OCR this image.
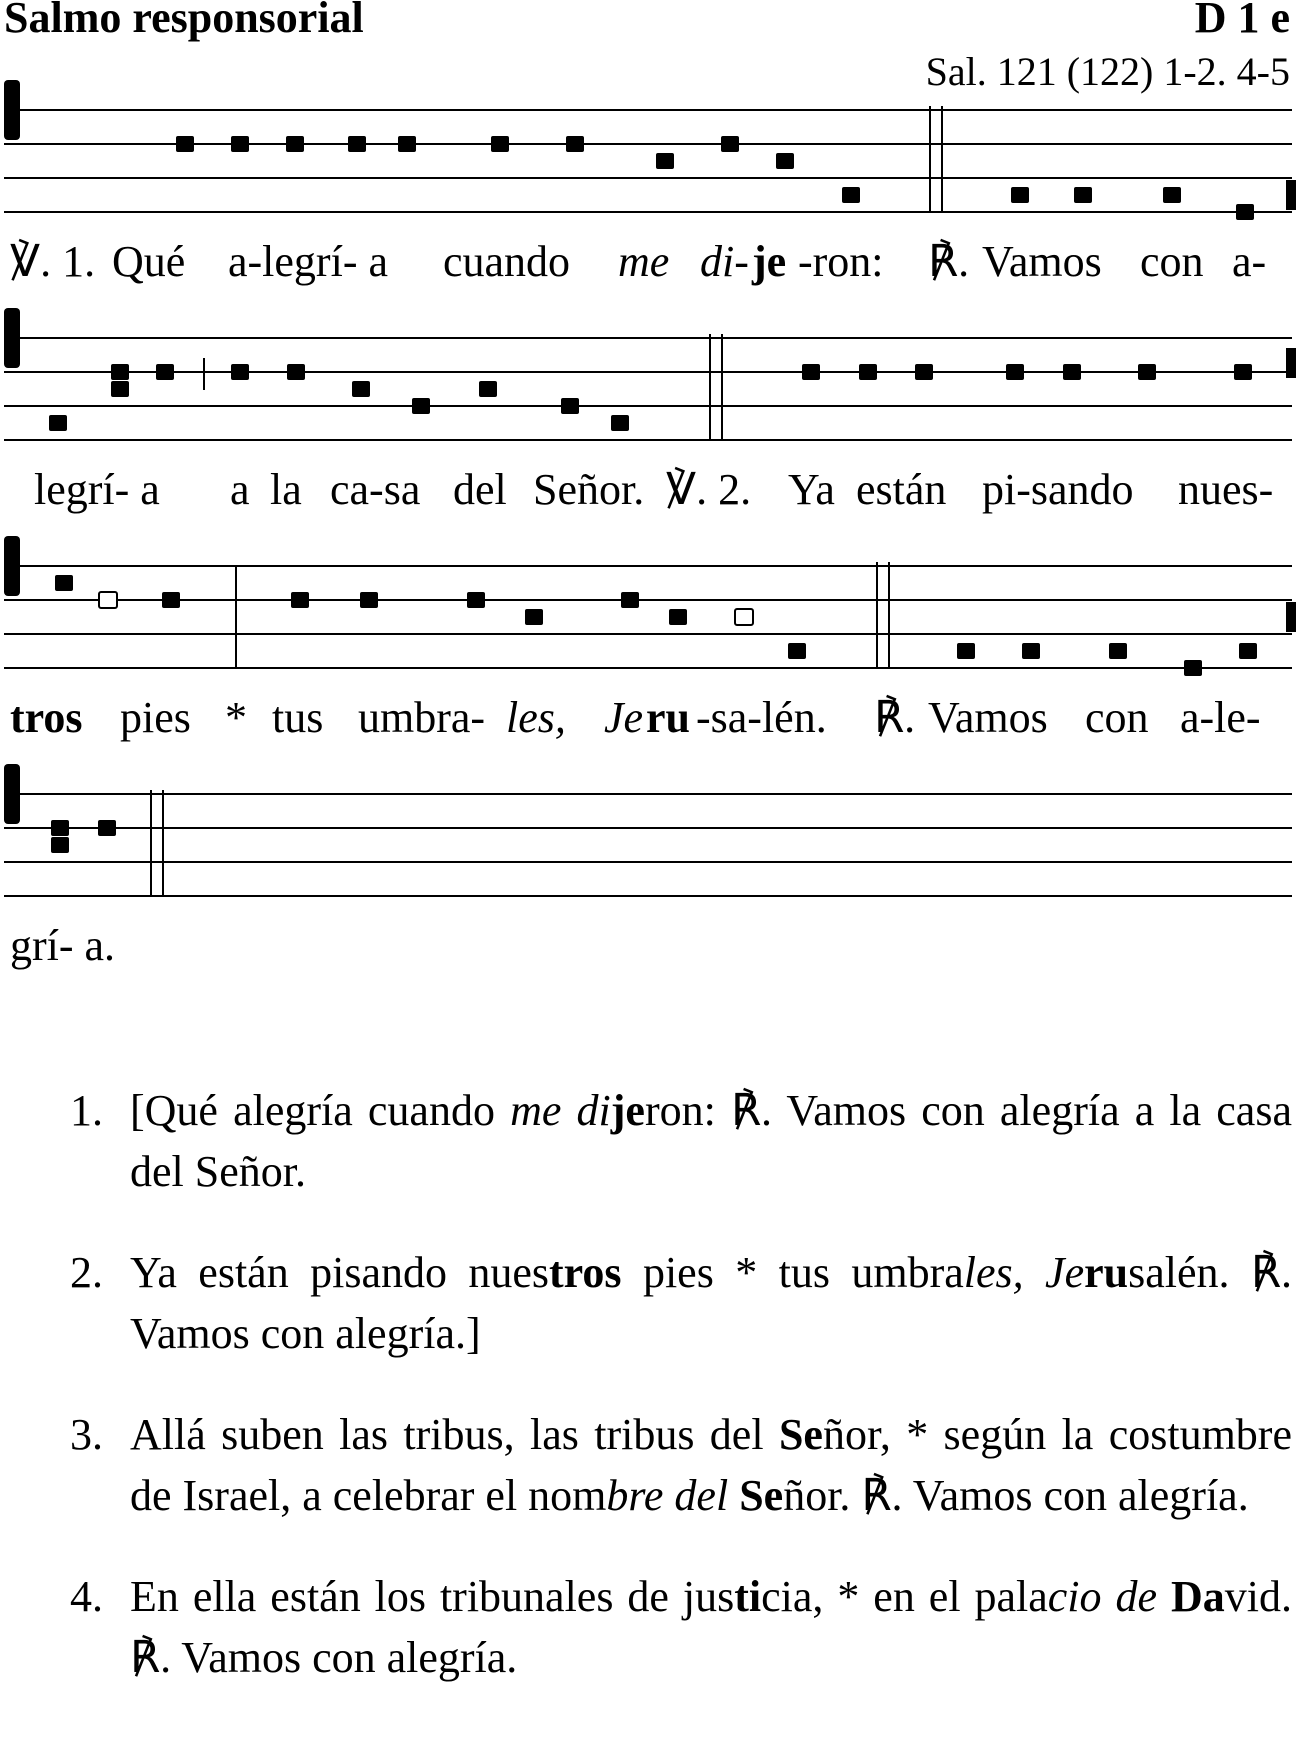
Salmo responsorial	D 1 e
Sal. 121 (122) 1-2. 4-5
℣. 1. Qué a-legrí- a cuando me di- je -ron: ℟. Vamos con a-
legrí- a a la ca-sa del Señor. ℣. 2. Ya están pi-sando nues-
tros pies * tus umbra- les, Je ru -sa-lén. ℟. Vamos con a-le-
grí- a.
1. [Qué alegría cuando me dijeron: ℟. Vamos con alegría a la casa del Señor.
2. Ya están pisando nuestros pies * tus umbrales, Jerusalén. ℟. Vamos con alegría.]
3. Allá suben las tribus, las tribus del Señor, * según la costumbre de Israel, a celebrar el nombre del Señor. ℟. Vamos con alegría.
4. En ella están los tribunales de justicia, * en el palacio de David. ℟. Vamos con alegría.
